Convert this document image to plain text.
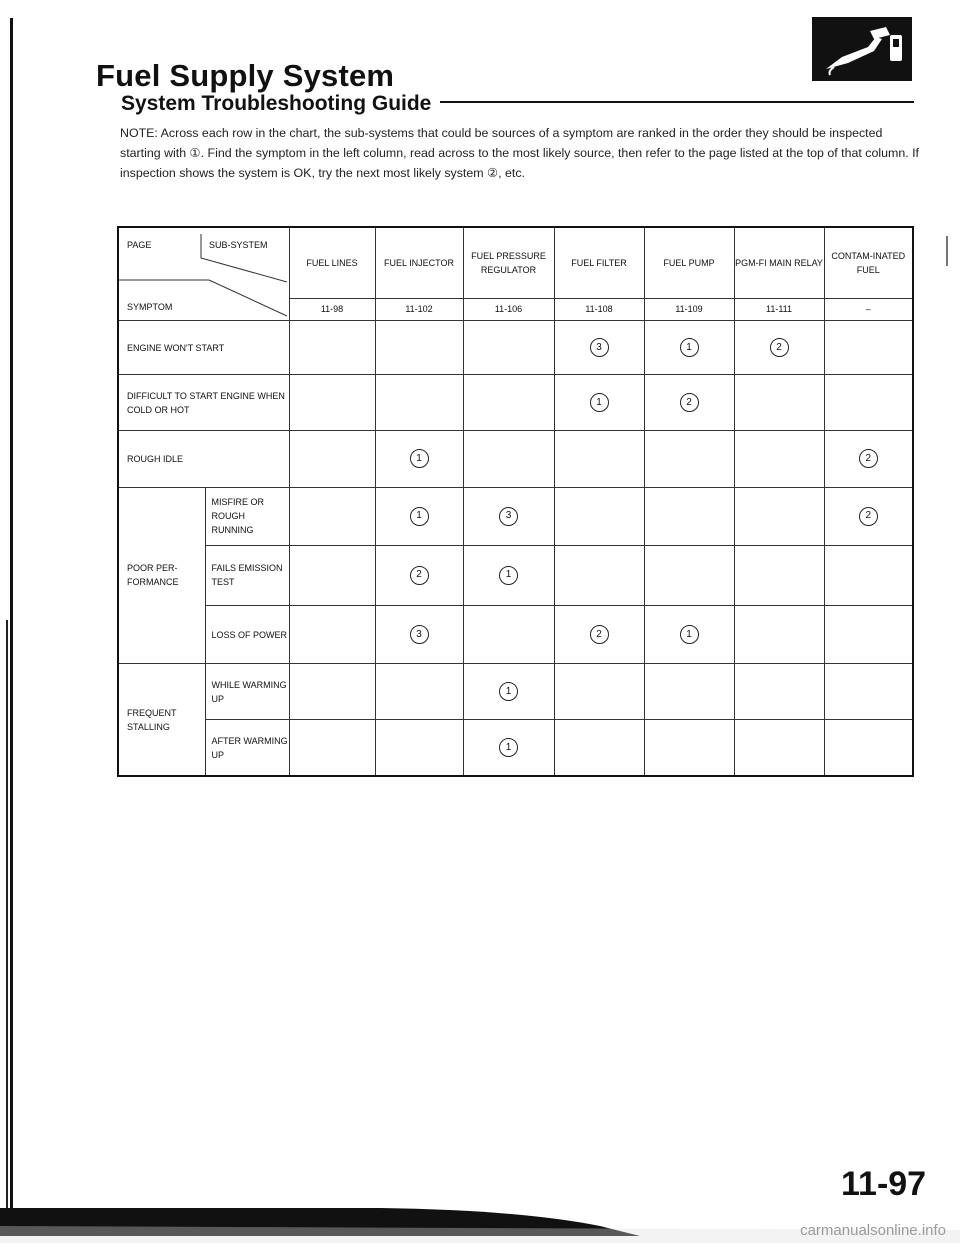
Fuel Supply System
System Troubleshooting Guide
NOTE: Across each row in the chart, the sub-systems that could be sources of a symptom are ranked in the order they should be inspected starting with ①. Find the symptom in the left column, read across to the most likely source, then refer to the page listed at the top of that column. If inspection shows the system is OK, try the next most likely system ②, etc.
PAGE SUB-SYSTEM
SYMPTOM		FUEL LINES	FUEL INJECTOR	FUEL PRESSURE REGULATOR	FUEL FILTER	FUEL PUMP	PGM-FI MAIN RELAY	CONTAM-INATED FUEL
		11-98	11-102	11-106	11-108	11-109	11-111	–
ENGINE WON'T START					3	1	2	
DIFFICULT TO START ENGINE WHEN COLD OR HOT					1	2		
ROUGH IDLE			1					2
POOR PER-FORMANCE	MISFIRE OR ROUGH RUNNING		1	3				2
	FAILS EMISSION TEST		2	1				
	LOSS OF POWER		3		2	1		
FREQUENT STALLING	WHILE WARMING UP			1				
	AFTER WARMING UP			1				
11-97
carmanualsonline.info
